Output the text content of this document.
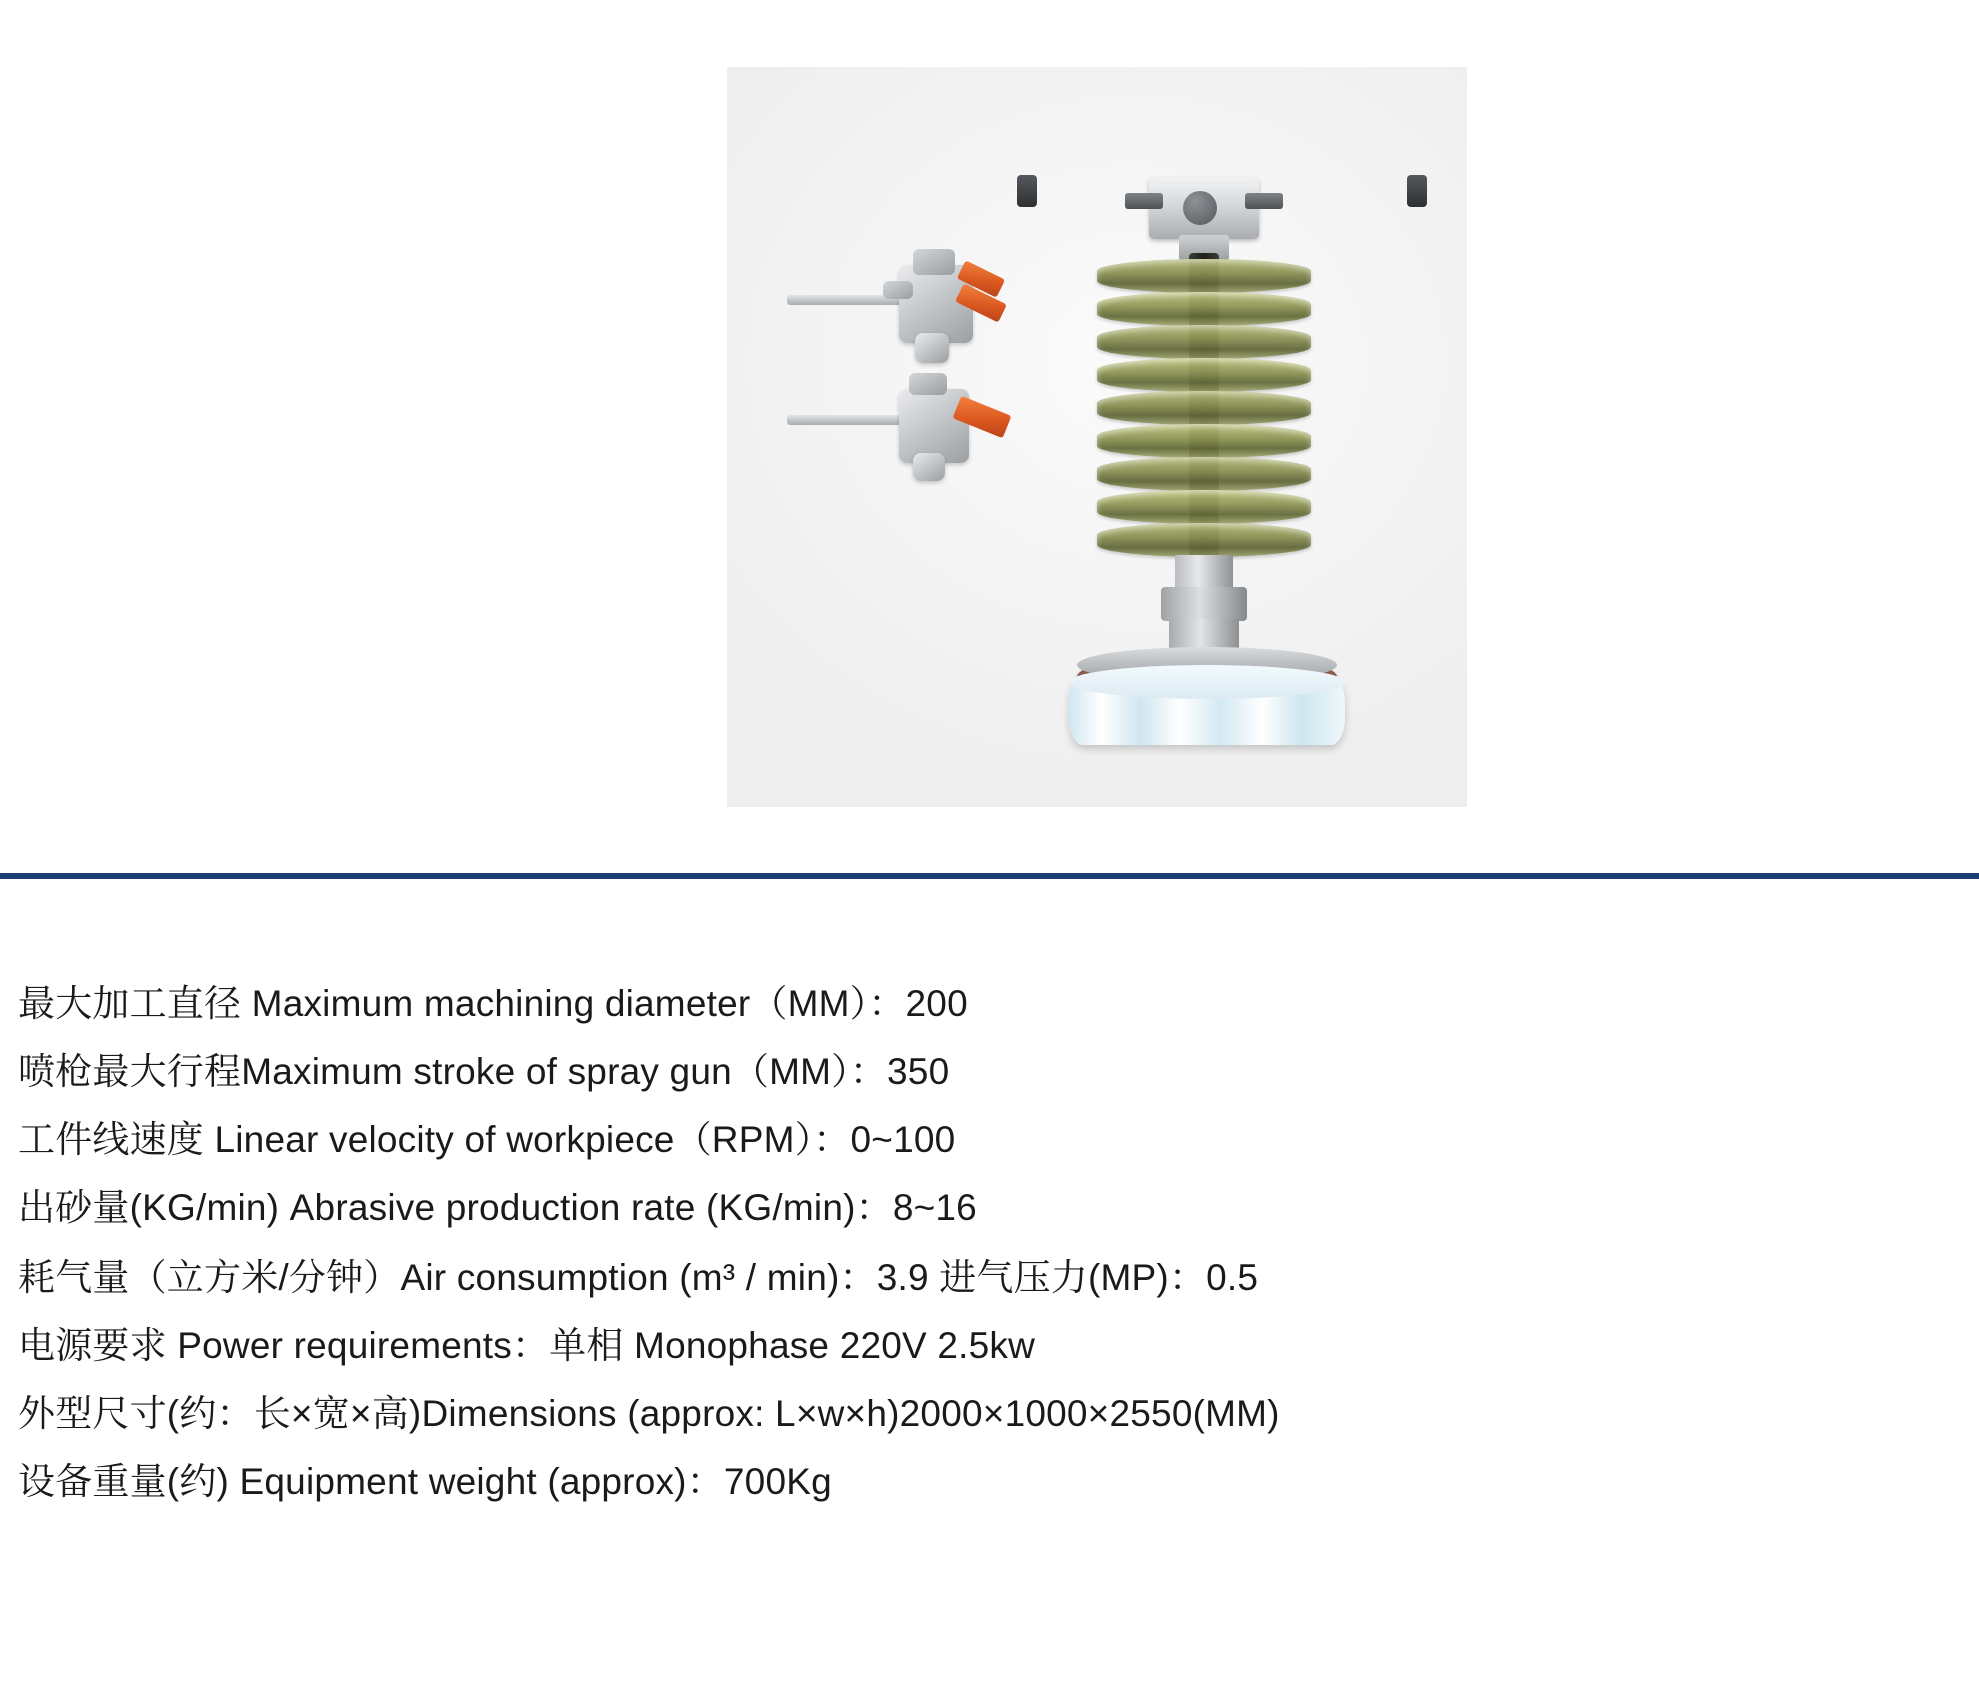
最大加工直径 Maximum machining diameter（MM）：200
喷枪最大行程Maximum stroke of spray gun（MM）：350
工件线速度 Linear velocity of workpiece（RPM）：0~100
出砂量(KG/min) Abrasive production rate (KG/min)：8~16
耗气量（立方米/分钟）Air consumption (m³ / min)：3.9 进气压力(MP)：0.5
电源要求 Power requirements：单相 Monophase 220V 2.5kw
外型尺寸(约：长×宽×高)Dimensions (approx: L×w×h)2000×1000×2550(MM)
设备重量(约) Equipment weight (approx)：700Kg
